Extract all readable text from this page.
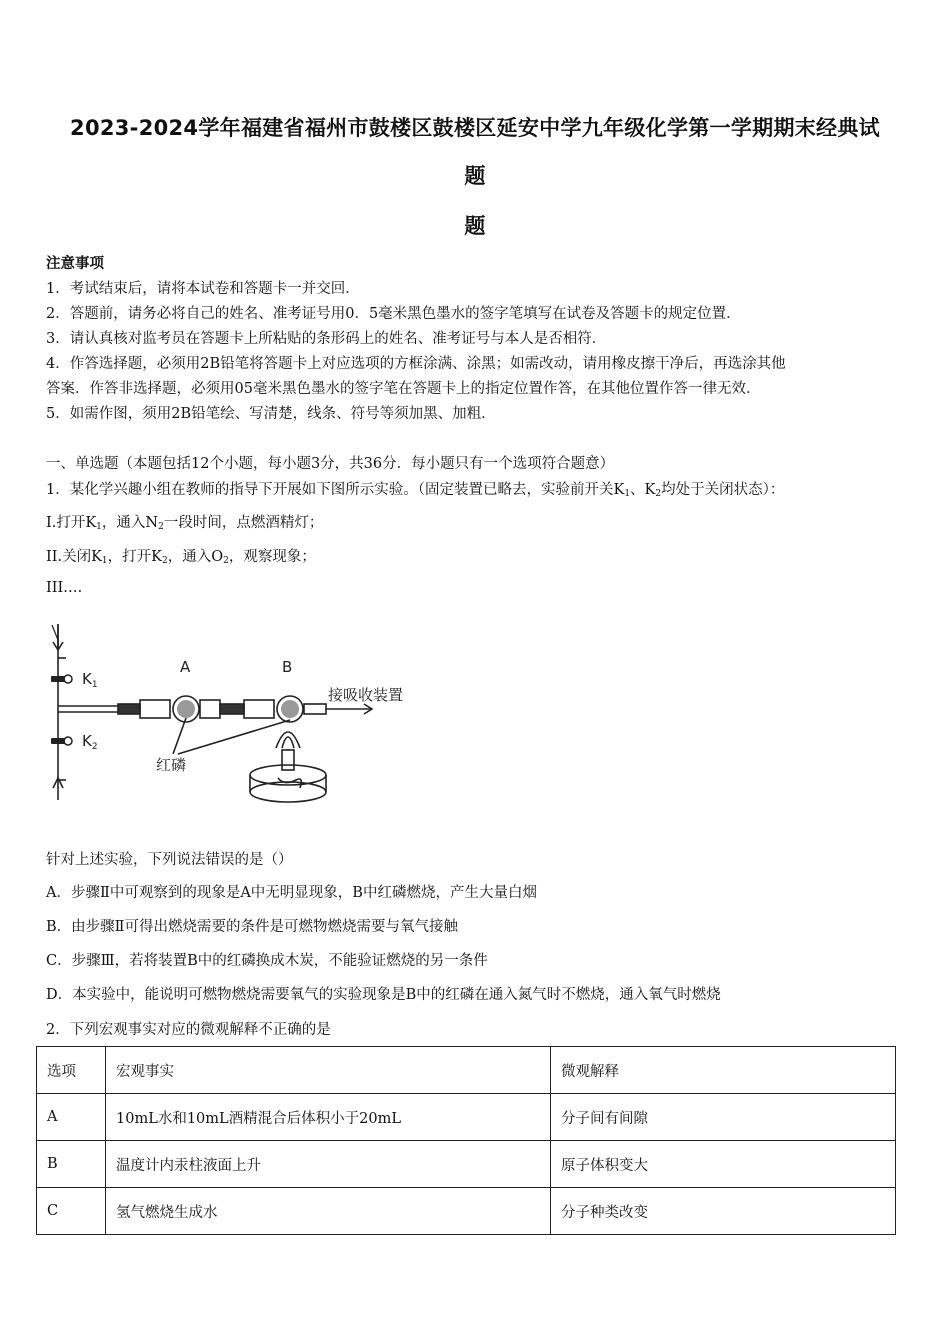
2023-2024学年福建省福州市鼓楼区鼓楼区延安中学九年级化学第一学期期末经典试
题
题
注意事项
1．考试结束后，请将本试卷和答题卡一并交回．
2．答题前，请务必将自己的姓名、准考证号用0．5毫米黑色墨水的签字笔填写在试卷及答题卡的规定位置．
3．请认真核对监考员在答题卡上所粘贴的条形码上的姓名、准考证号与本人是否相符．
4．作答选择题，必须用2B铅笔将答题卡上对应选项的方框涂满、涂黑；如需改动，请用橡皮擦干净后，再选涂其他
答案．作答非选择题，必须用05毫米黑色墨水的签字笔在答题卡上的指定位置作答，在其他位置作答一律无效．
5．如需作图，须用2B铅笔绘、写清楚，线条、符号等须加黑、加粗．
一、单选题（本题包括12个小题，每小题3分，共36分．每小题只有一个选项符合题意）
1．某化学兴趣小组在教师的指导下开展如下图所示实验。（固定装置已略去，实验前开关$K_1$、$K_2$均处于关闭状态）：
I.打开$K_1$，通入$N_2$一段时间，点燃酒精灯；
II.关闭$K_1$，打开$K_2$，通入$O_2$，观察现象；
III….
$K_1$
$K_2$
A	B
接吸收装置
红磷
针对上述实验，下列说法错误的是（）
A．步骤Ⅱ中可观察到的现象是A中无明显现象，B中红磷燃烧，产生大量白烟
B．由步骤Ⅱ可得出燃烧需要的条件是可燃物燃烧需要与氧气接触
C．步骤Ⅲ，若将装置B中的红磷换成木炭，不能验证燃烧的另一条件
D．本实验中，能说明可燃物燃烧需要氧气的实验现象是B中的红磷在通入氮气时不燃烧，通入氧气时燃烧
2．下列宏观事实对应的微观解释不正确的是
选项	宏观事实	微观解释
A	10mL水和10mL酒精混合后体积小于20mL	分子间有间隙
B	温度计内汞柱液面上升	原子体积变大
C	氢气燃烧生成水	分子种类改变
